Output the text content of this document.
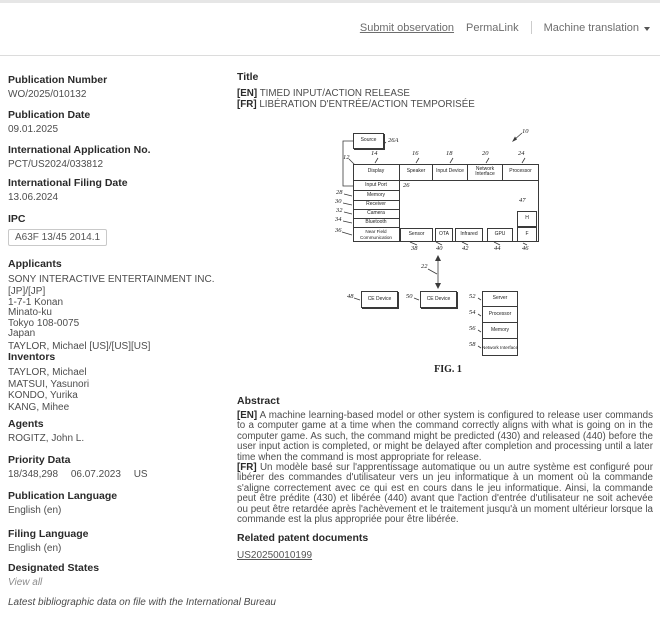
Submit observation PermaLink Machine translation
Publication Number
WO/2025/010132
Publication Date
09.01.2025
International Application No.
PCT/US2024/033812
International Filing Date
13.06.2024
IPC
A63F 13/45 2014.1
Applicants
SONY INTERACTIVE ENTERTAINMENT INC. [JP]/[JP]
1-7-1 Konan
Minato-ku
Tokyo 108-0075
Japan
TAYLOR, Michael [US]/[US][US]
Inventors
TAYLOR, Michael
MATSUI, Yasunori
KONDO, Yurika
KANG, Mihee
Agents
ROGITZ, John L.
Priority Data
18/348,298 06.07.2023 US
Publication Language
English (en)
Filing Language
English (en)
Designated States
View all
Latest bibliographic data on file with the International Bureau
Title
[EN] TIMED INPUT/ACTION RELEASE
[FR] LIBÉRATION D'ENTRÉE/ACTION TEMPORISÉE
Source
Display	Speaker	Input Device	Network Interface	Processor
Input Port
Memory
Receiver
Camera
Bluetooth
Near Field Communication	Sensor	OTA	Infrared	GPU
H
F
CE Device	CE Device	Server
Processor
Memory
Network Interface
10
12
14	16	18	20	24
26A
26
28
30
32
34
36
38	40	42	44	46
47
22
48	50	52
54
56
58
FIG. 1
Abstract
[EN] A machine learning-based model or other system is configured to release user commands to a computer game at a time when the command correctly aligns with what is going on in the computer game. As such, the command might be predicted (430) and released (440) before the user input action is completed, or might be delayed after completion and processing until a later time when the command is most appropriate for release.
[FR] Un modèle basé sur l'apprentissage automatique ou un autre système est configuré pour libérer des commandes d'utilisateur vers un jeu informatique à un moment où la commande s'aligne correctement avec ce qui est en cours dans le jeu informatique. Ainsi, la commande peut être prédite (430) et libérée (440) avant que l'action d'entrée d'utilisateur ne soit achevée ou peut être retardée après l'achèvement et le traitement jusqu'à un moment ultérieur lorsque la commande est la plus appropriée pour être libérée.
Related patent documents
US20250010199
